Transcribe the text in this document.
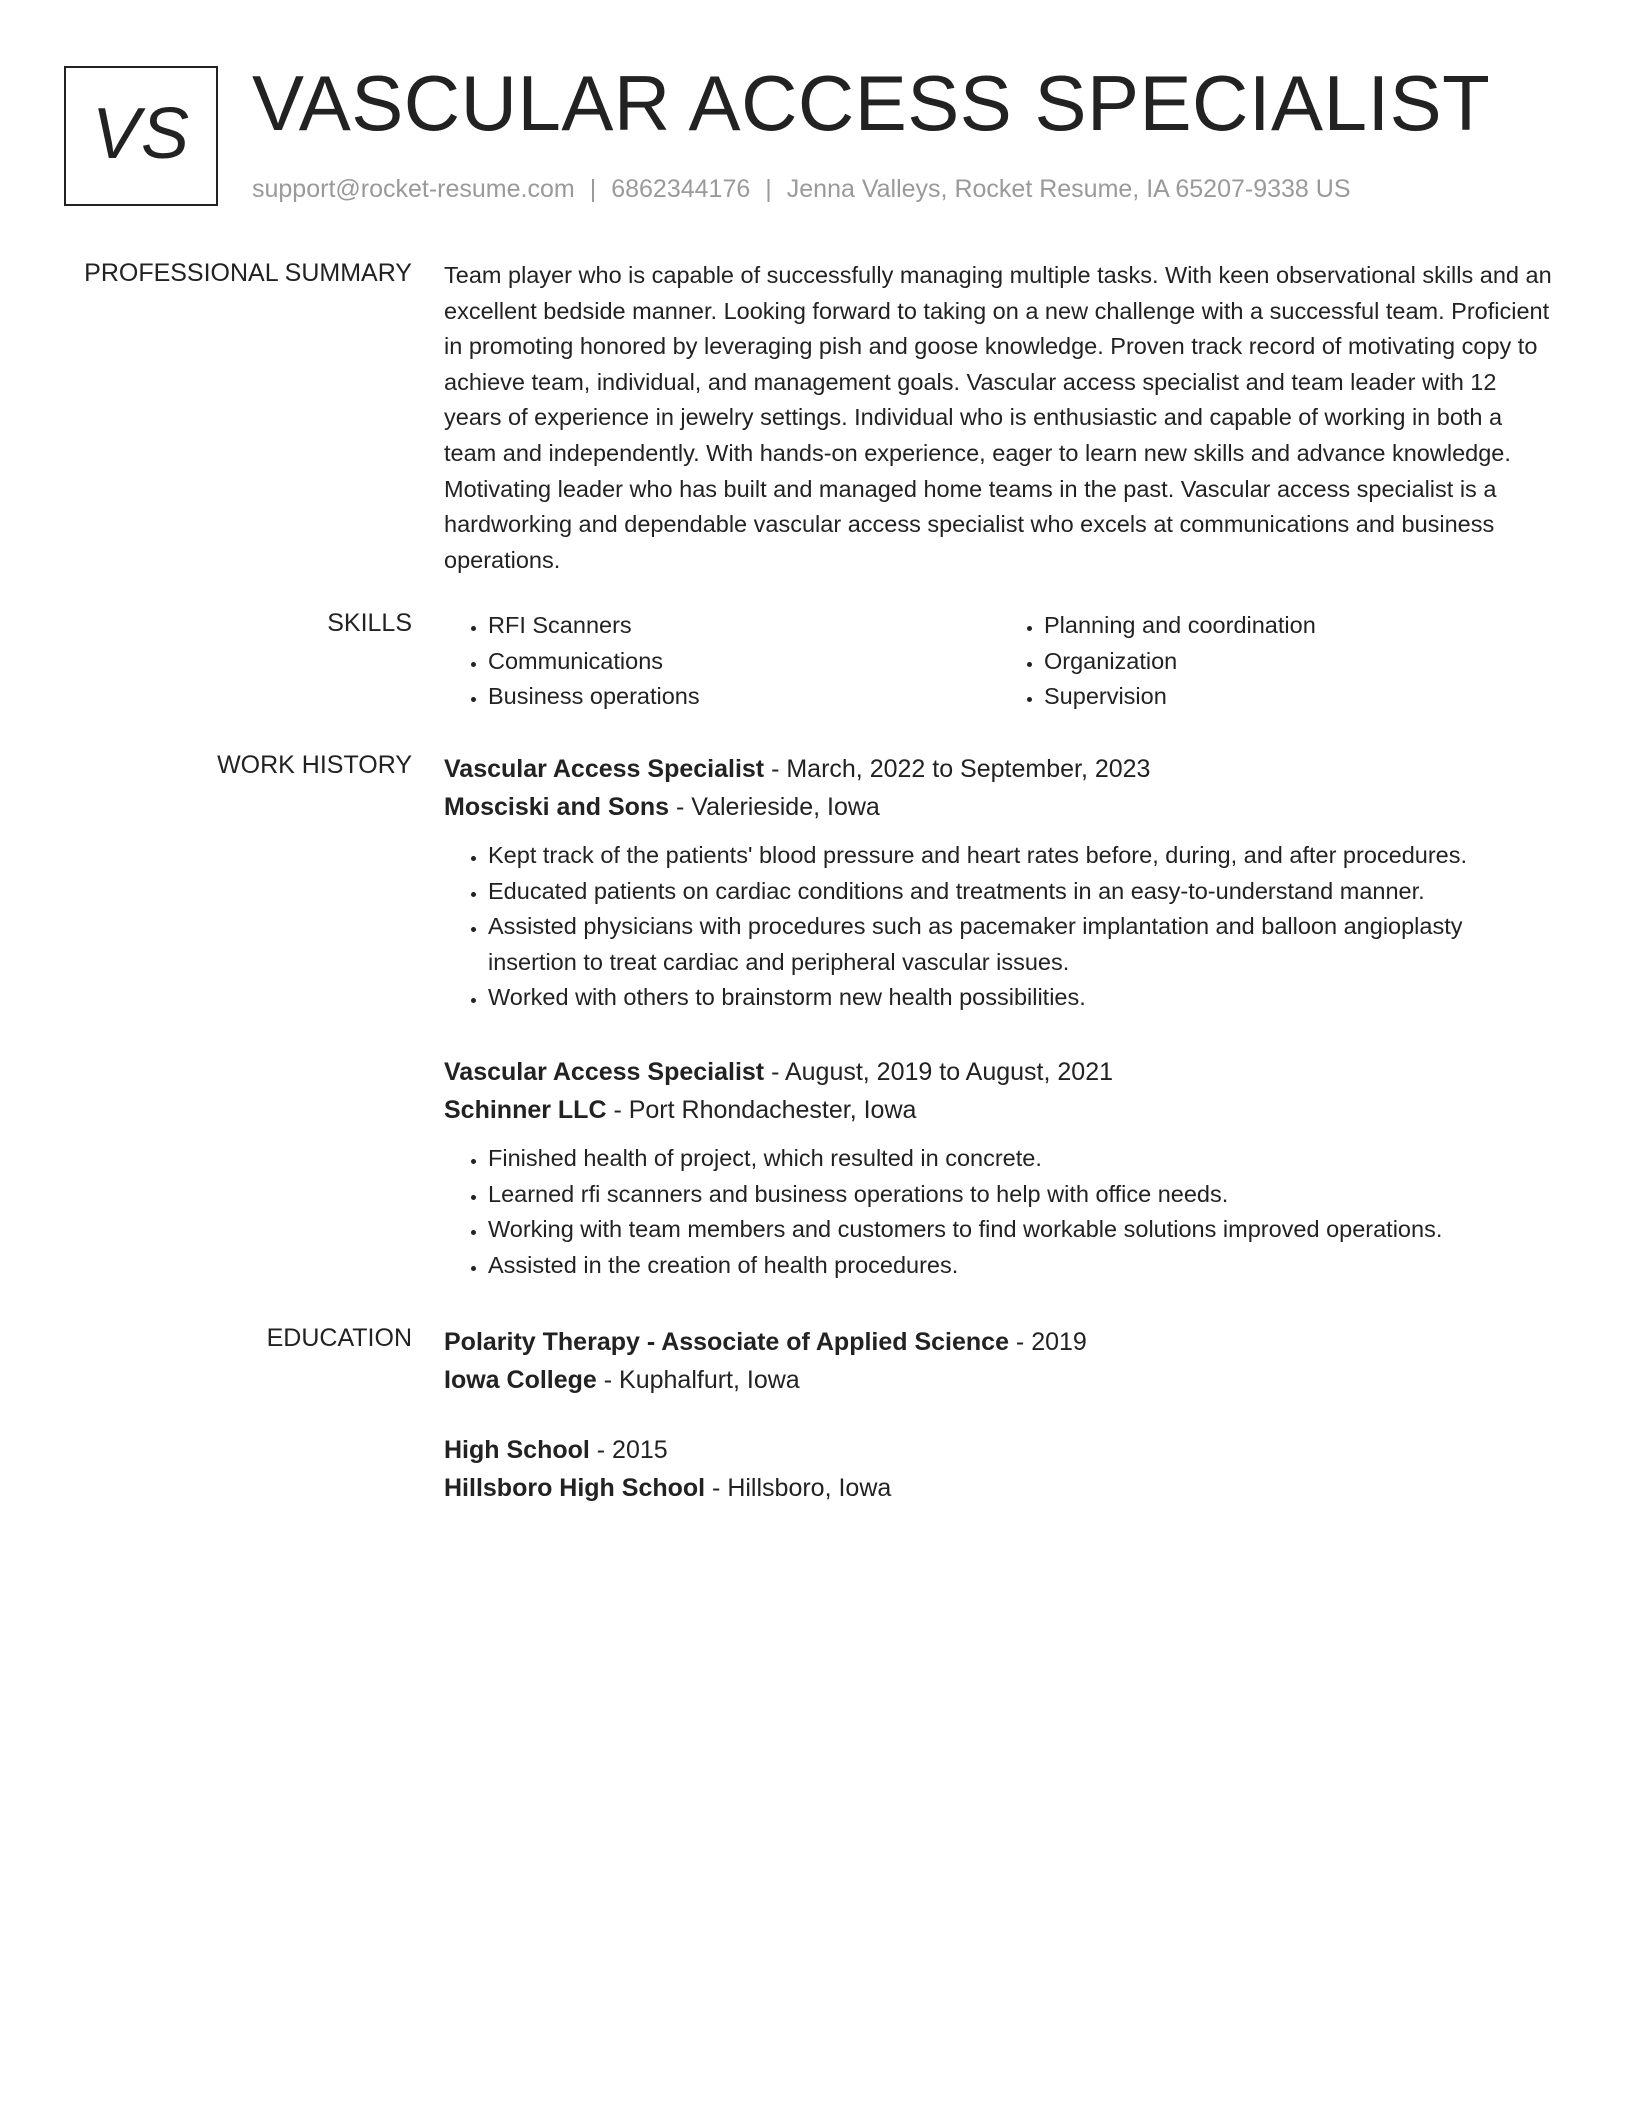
VS VASCULAR ACCESS SPECIALIST
support@rocket-resume.com | 6862344176 | Jenna Valleys, Rocket Resume, IA 65207-9338 US
PROFESSIONAL SUMMARY Team player who is capable of successfully managing multiple tasks. With keen observational skills and an excellent bedside manner. Looking forward to taking on a new challenge with a successful team. Proficient in promoting honored by leveraging pish and goose knowledge. Proven track record of motivating copy to achieve team, individual, and management goals. Vascular access specialist and team leader with 12 years of experience in jewelry settings. Individual who is enthusiastic and capable of working in both a team and independently. With hands-on experience, eager to learn new skills and advance knowledge. Motivating leader who has built and managed home teams in the past. Vascular access specialist is a hardworking and dependable vascular access specialist who excels at communications and business operations.

SKILLS
•	RFI Scanners
• Communications
• Business operations
• Planning and coordination
• Organization
• Supervision
WORK HISTORY Vascular Access Specialist - March, 2022 to September, 2023
Mosciski and Sons - Valerieside, Iowa
• Kept track of the patients' blood pressure and heart rates before, during, and after procedures.
• Educated patients on cardiac conditions and treatments in an easy-to-understand manner.
• Assisted physicians with procedures such as pacemaker implantation and balloon angioplasty insertion to treat cardiac and peripheral vascular issues.
• Worked with others to brainstorm new health possibilities.
Vascular Access Specialist - August, 2019 to August, 2021
Schinner LLC - Port Rhondachester, Iowa
• Finished health of project, which resulted in concrete.
• Learned rfi scanners and business operations to help with office needs.
• Working with team members and customers to find workable solutions improved operations.
• Assisted in the creation of health procedures.
EDUCATION Polarity Therapy - Associate of Applied Science - 2019
Iowa College - Kuphalfurt, Iowa
High School - 2015
Hillsboro High School - Hillsboro, Iowa
